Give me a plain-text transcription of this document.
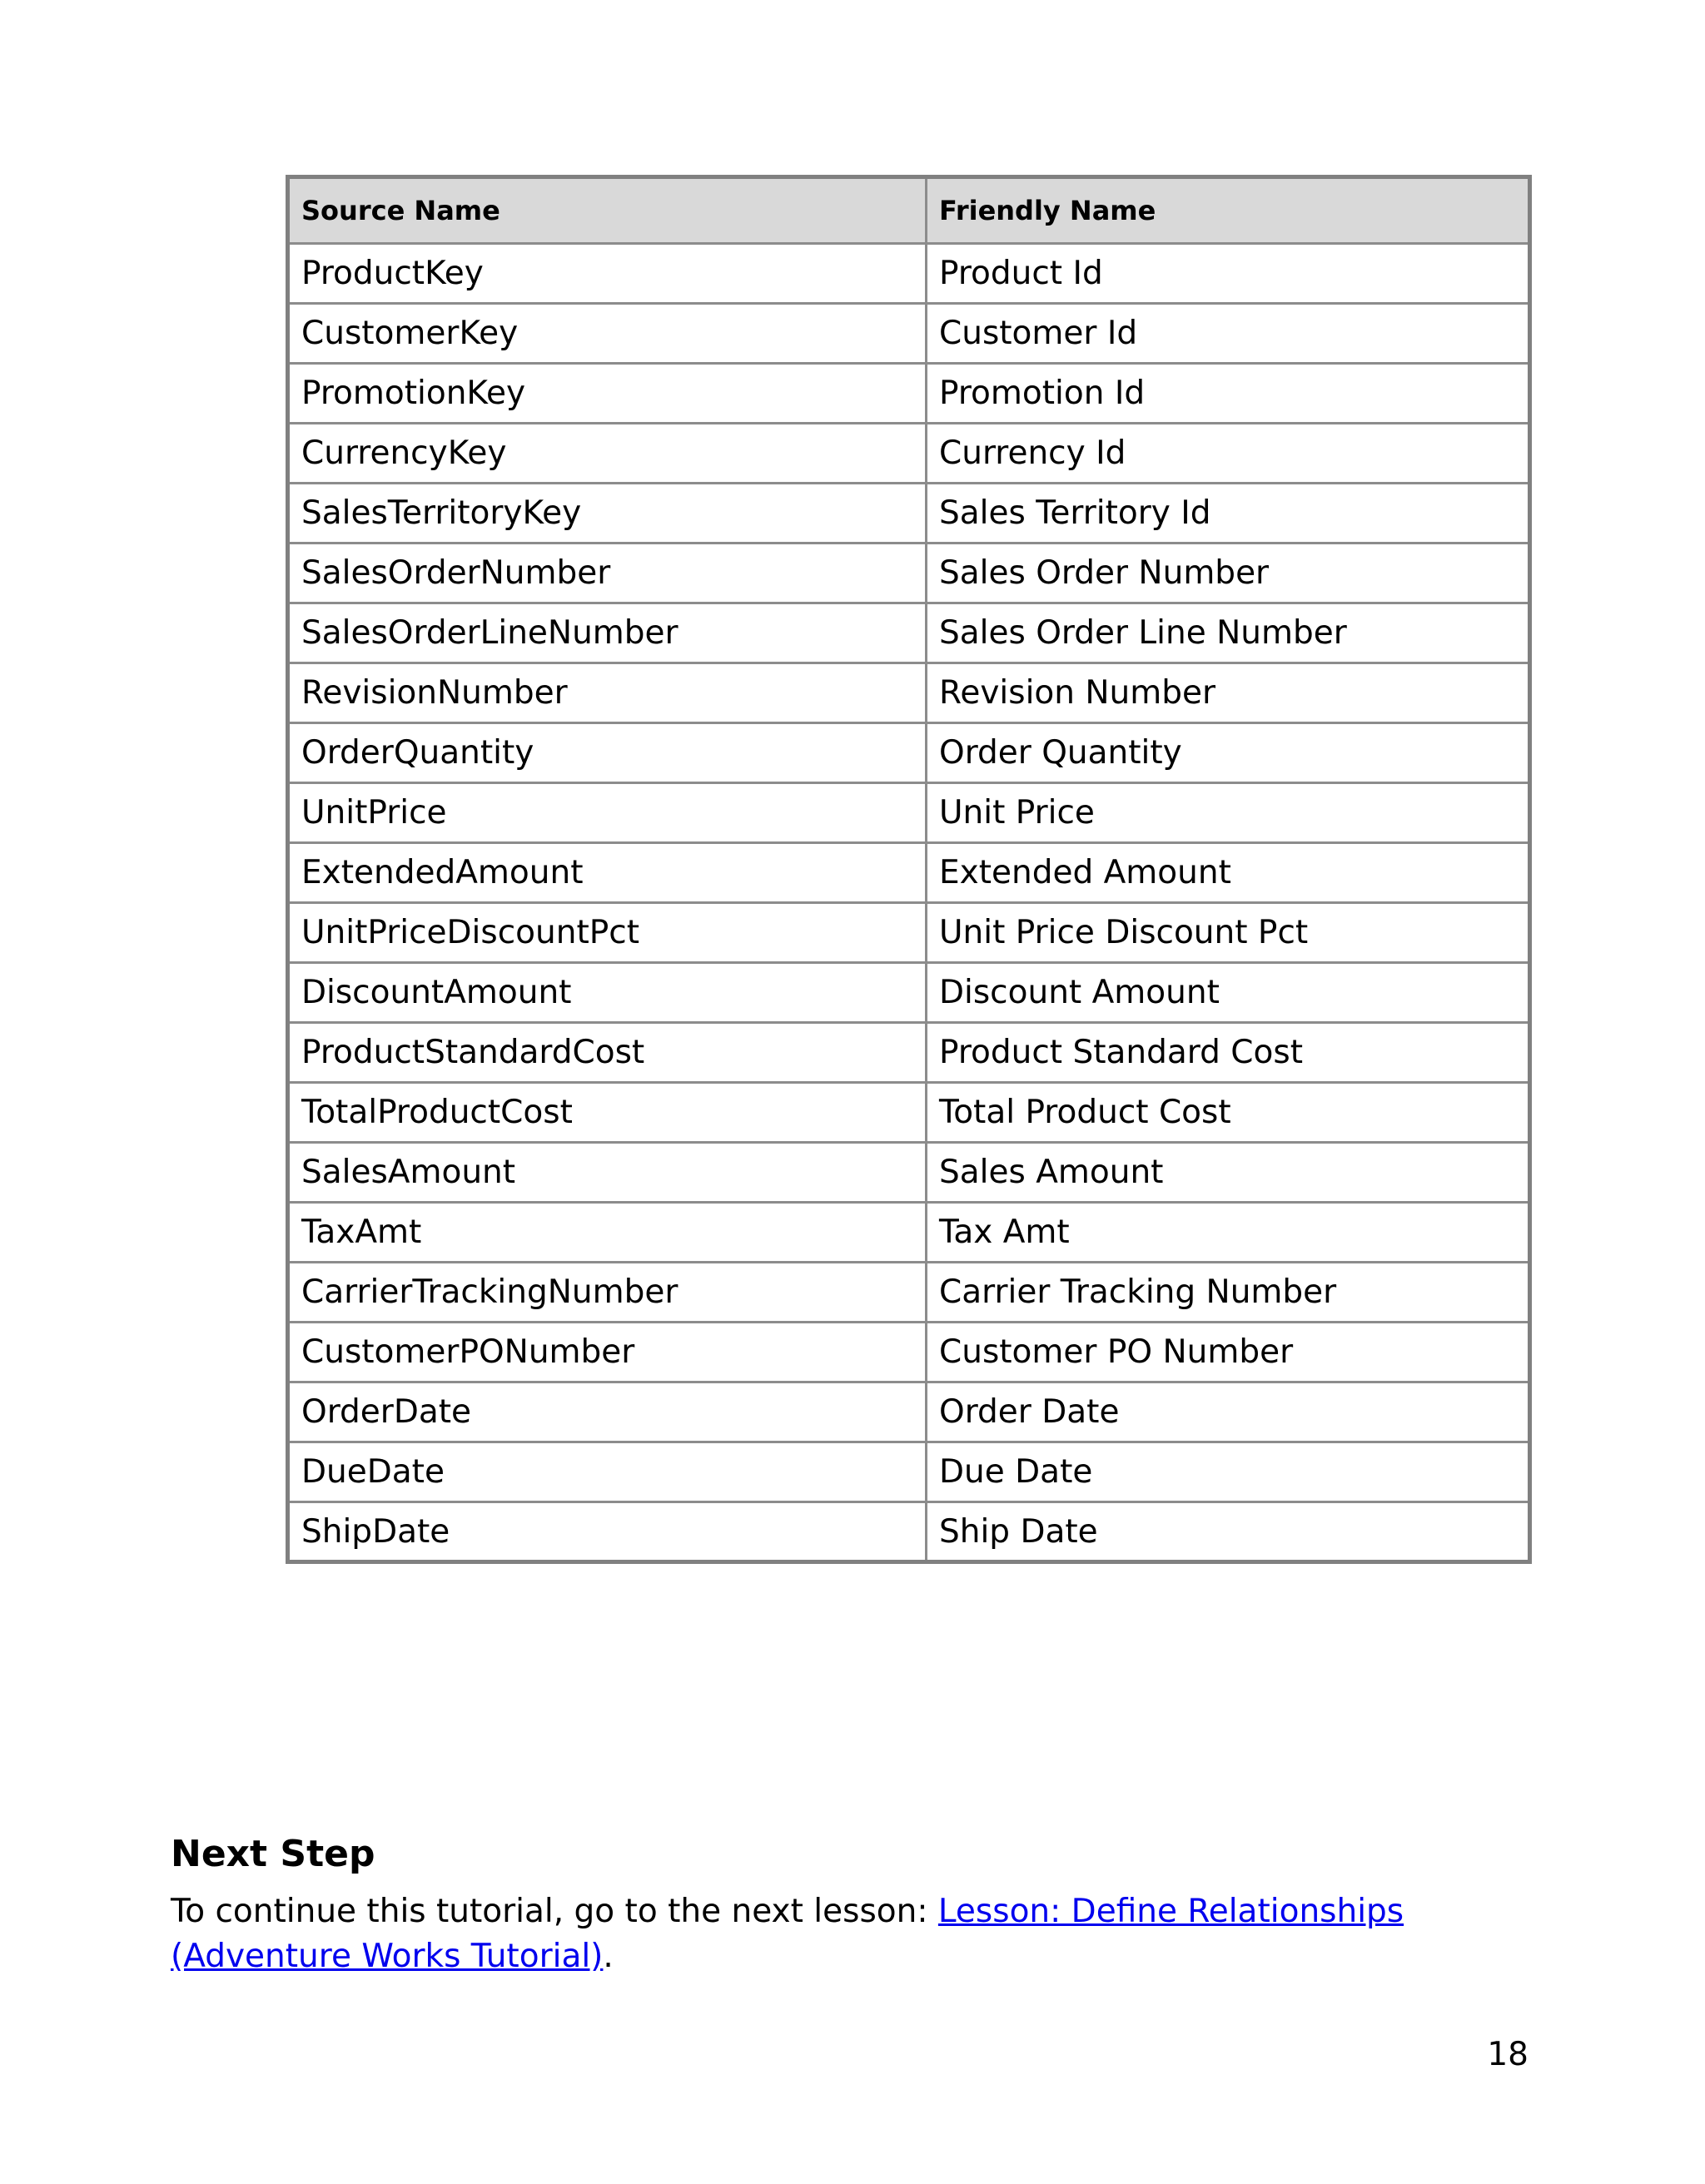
Source Name	Friendly Name
ProductKey	Product Id
CustomerKey	Customer Id
PromotionKey	Promotion Id
CurrencyKey	Currency Id
SalesTerritoryKey	Sales Territory Id
SalesOrderNumber	Sales Order Number
SalesOrderLineNumber	Sales Order Line Number
RevisionNumber	Revision Number
OrderQuantity	Order Quantity
UnitPrice	Unit Price
ExtendedAmount	Extended Amount
UnitPriceDiscountPct	Unit Price Discount Pct
DiscountAmount	Discount Amount
ProductStandardCost	Product Standard Cost
TotalProductCost	Total Product Cost
SalesAmount	Sales Amount
TaxAmt	Tax Amt
CarrierTrackingNumber	Carrier Tracking Number
CustomerPONumber	Customer PO Number
OrderDate	Order Date
DueDate	Due Date
ShipDate	Ship Date
Next Step

To continue this tutorial, go to the next lesson: Lesson: Define Relationships (Adventure Works Tutorial).

18
